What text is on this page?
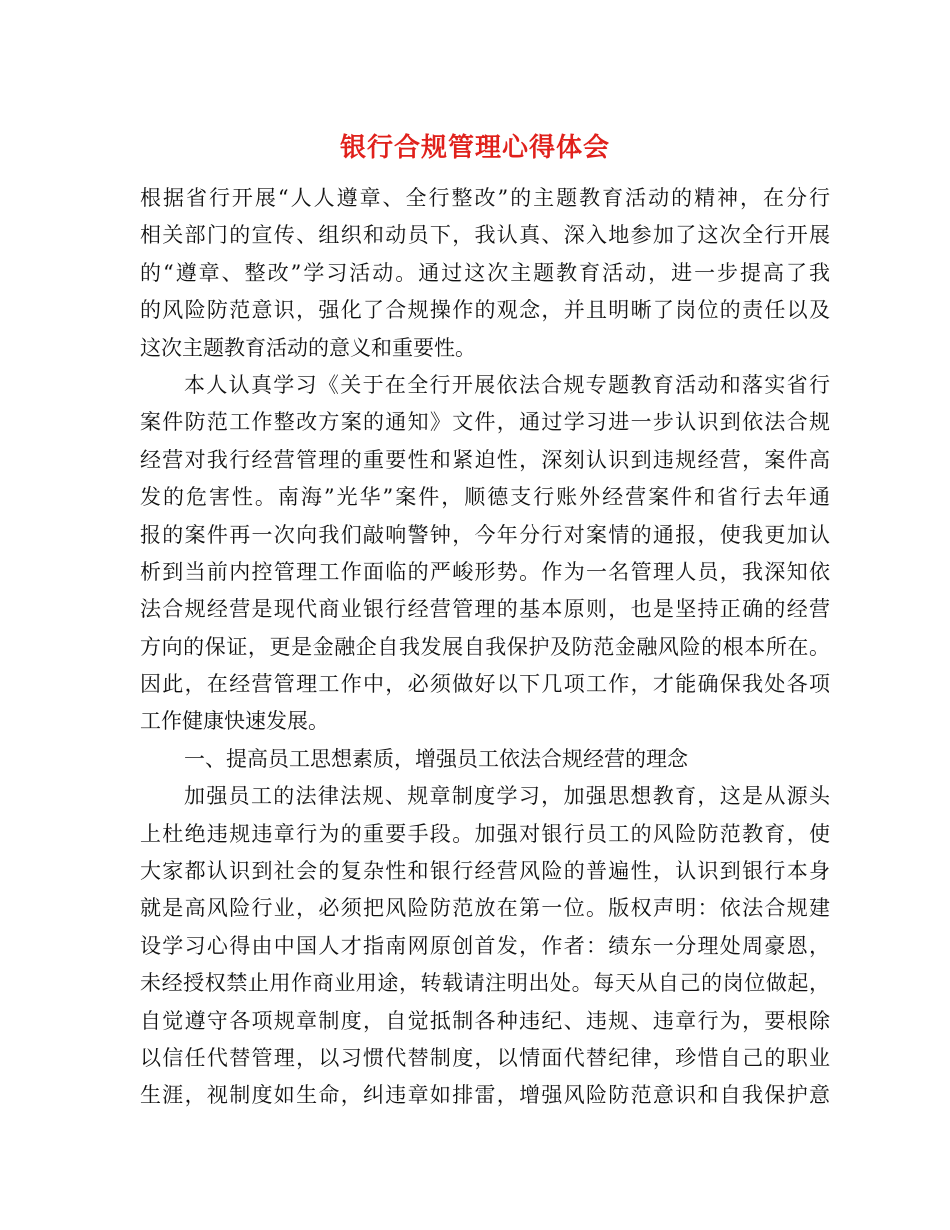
银行合规管理心得体会
根据省行开展“人人遵章、全行整改”的主题教育活动的精神，在分行
相关部门的宣传、组织和动员下，我认真、深入地参加了这次全行开展
的“遵章、整改”学习活动。通过这次主题教育活动，进一步提高了我
的风险防范意识，强化了合规操作的观念，并且明晰了岗位的责任以及
这次主题教育活动的意义和重要性。
本人认真学习《关于在全行开展依法合规专题教育活动和落实省行
案件防范工作整改方案的通知》文件，通过学习进一步认识到依法合规
经营对我行经营管理的重要性和紧迫性，深刻认识到违规经营，案件高
发的危害性。南海”光华”案件，顺德支行账外经营案件和省行去年通
报的案件再一次向我们敲响警钟，今年分行对案情的通报，使我更加认
析到当前内控管理工作面临的严峻形势。作为一名管理人员，我深知依
法合规经营是现代商业银行经营管理的基本原则，也是坚持正确的经营
方向的保证，更是金融企自我发展自我保护及防范金融风险的根本所在。
因此，在经营管理工作中，必须做好以下几项工作，才能确保我处各项
工作健康快速发展。
一、提高员工思想素质，增强员工依法合规经营的理念
加强员工的法律法规、规章制度学习，加强思想教育，这是从源头
上杜绝违规违章行为的重要手段。加强对银行员工的风险防范教育，使
大家都认识到社会的复杂性和银行经营风险的普遍性，认识到银行本身
就是高风险行业，必须把风险防范放在第一位。版权声明：依法合规建
设学习心得由中国人才指南网原创首发，作者：绩东一分理处周豪恩，
未经授权禁止用作商业用途，转载请注明出处。每天从自己的岗位做起，
自觉遵守各项规章制度，自觉抵制各种违纪、违规、违章行为，要根除
以信任代替管理，以习惯代替制度，以情面代替纪律，珍惜自己的职业
生涯，视制度如生命，纠违章如排雷，增强风险防范意识和自我保护意
